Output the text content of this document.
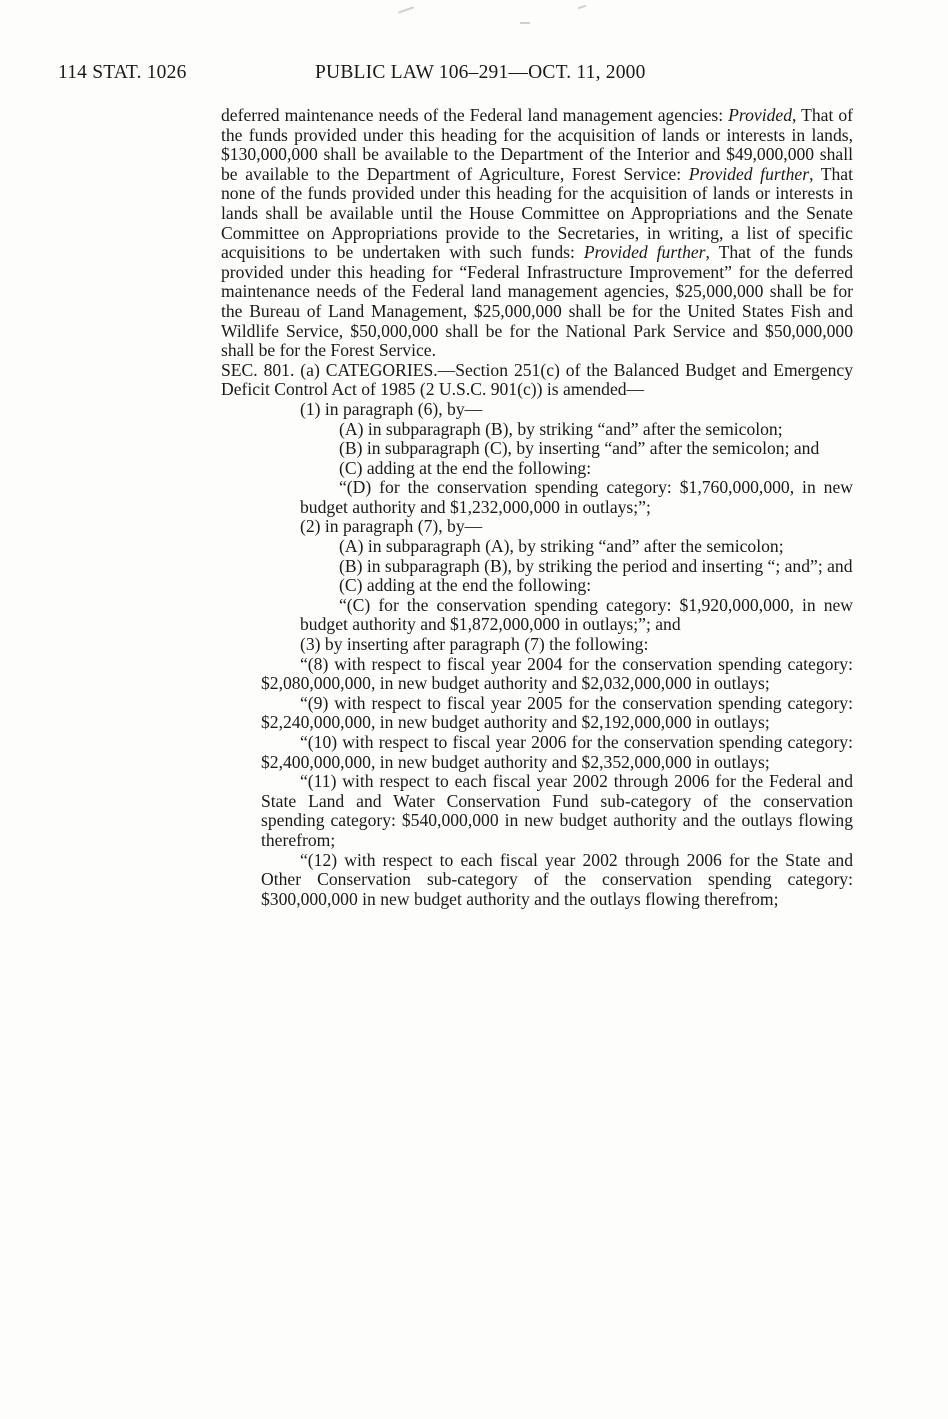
114 STAT. 1026	PUBLIC LAW 106–291—OCT. 11, 2000

deferred maintenance needs of the Federal land management agencies: Provided, That of the funds provided under this heading for the acquisition of lands or interests in lands, $130,000,000 shall be available to the Department of the Interior and $49,000,000 shall be available to the Department of Agriculture, Forest Service: Provided further, That none of the funds provided under this heading for the acquisition of lands or interests in lands shall be available until the House Committee on Appropriations and the Senate Committee on Appropriations provide to the Secretaries, in writing, a list of specific acquisitions to be undertaken with such funds: Provided further, That of the funds provided under this heading for “Federal Infrastructure Improvement” for the deferred maintenance needs of the Federal land management agencies, $25,000,000 shall be for the Bureau of Land Management, $25,000,000 shall be for the United States Fish and Wildlife Service, $50,000,000 shall be for the National Park Service and $50,000,000 shall be for the Forest Service.

SEC. 801. (a) CATEGORIES.—Section 251(c) of the Balanced Budget and Emergency Deficit Control Act of 1985 (2 U.S.C. 901(c)) is amended—

(1) in paragraph (6), by—

(A) in subparagraph (B), by striking “and” after the semicolon;

(B) in subparagraph (C), by inserting “and” after the semicolon; and

(C) adding at the end the following:

“(D) for the conservation spending category: $1,760,000,000, in new budget authority and $1,232,000,000 in outlays;”;

(2) in paragraph (7), by—

(A) in subparagraph (A), by striking “and” after the semicolon;

(B) in subparagraph (B), by striking the period and inserting “; and”; and

(C) adding at the end the following:

“(C) for the conservation spending category: $1,920,000,000, in new budget authority and $1,872,000,000 in outlays;”; and

(3) by inserting after paragraph (7) the following:

“(8) with respect to fiscal year 2004 for the conservation spending category: $2,080,000,000, in new budget authority and $2,032,000,000 in outlays;

“(9) with respect to fiscal year 2005 for the conservation spending category: $2,240,000,000, in new budget authority and $2,192,000,000 in outlays;

“(10) with respect to fiscal year 2006 for the conservation spending category: $2,400,000,000, in new budget authority and $2,352,000,000 in outlays;

“(11) with respect to each fiscal year 2002 through 2006 for the Federal and State Land and Water Conservation Fund sub-category of the conservation spending category: $540,000,000 in new budget authority and the outlays flowing therefrom;

“(12) with respect to each fiscal year 2002 through 2006 for the State and Other Conservation sub-category of the conservation spending category: $300,000,000 in new budget authority and the outlays flowing therefrom;
